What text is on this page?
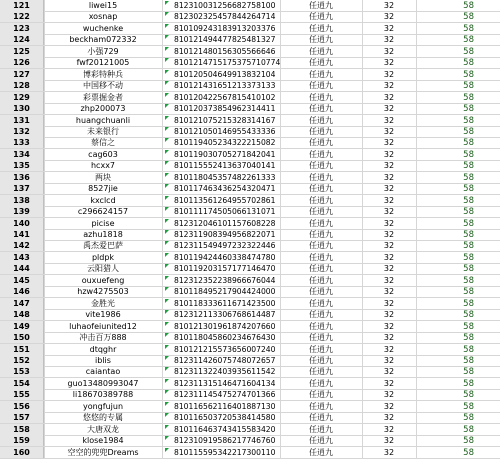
121	liwei15	812310031256682758100	任逍九	32	58
122	xosnap	812302325457844264714	任逍九	32	58
123	wuchenke	810109243183913203376	任逍九	32	58
124	beckham072332	810121494477825481327	任逍九	32	58
125	小强729	810121480156305566646	任逍九	32	58
126	fwf20121005	8101214715175375710774	任逍九	32	58
127	博彩特种兵	810120504649913832104	任逍九	32	58
128	中国移不动	810121431651213373133	任逍九	32	58
129	彩票掘金者	810120422567815410102	任逍九	32	58
130	zhp200073	810120373854962314411	任逍九	32	58
131	huangchuanli	810121075215328314167	任逍九	32	58
132	未来银行	810121050146955433336	任逍九	32	58
133	蔡信之	810119405234322215082	任逍九	32	58
134	cag603	810119030705271842041	任逍九	32	58
135	hcxx7	810115552413637040141	任逍九	32	58
136	两块	810118045357482261333	任逍九	32	58
137	8527jie	810117463436254320471	任逍九	32	58
138	kxclcd	810113561264955702861	任逍九	32	58
139	c296624157	810111174505066131071	任逍九	32	58
140	picise	812312046101157608228	任逍九	32	58
141	azhu1818	812311908394956822071	任逍九	32	58
142	禹杰爱巴萨	812311549497232322446	任逍九	32	58
143	pldpk	810119424460338474780	任逍九	32	58
144	云阳猎人	810119203157177146470	任逍九	32	58
145	ouxuefeng	812312352238966676044	任逍九	32	58
146	hzw4275503	810118495217904424000	任逍九	32	58
147	金胜光	810118333611671423500	任逍九	32	58
148	vite1986	812312113306768614487	任逍九	32	58
149	luhaofeiunited12	810121301961874207660	任逍九	32	58
150	冲击百万888	810118045860234676430	任逍九	32	58
151	dtqghr	810121215573656007240	任逍九	32	58
152	iblis	812311426075748072657	任逍九	32	58
153	caiantao	812311322403935611542	任逍九	32	58
154	guo13480993047	812311315146471604134	任逍九	32	58
155	li18670389788	812311145475274701366	任逍九	32	58
156	yongfujun	810116562116401887130	任逍九	32	58
157	悠悠的专属	810116503720538414580	任逍九	32	58
158	大唐双龙	810116463743415583420	任逍九	32	58
159	klose1984	812310919586217746760	任逍九	32	58
160	空空的兜兜Dreams	810115595342217300110	任逍九	32	58
